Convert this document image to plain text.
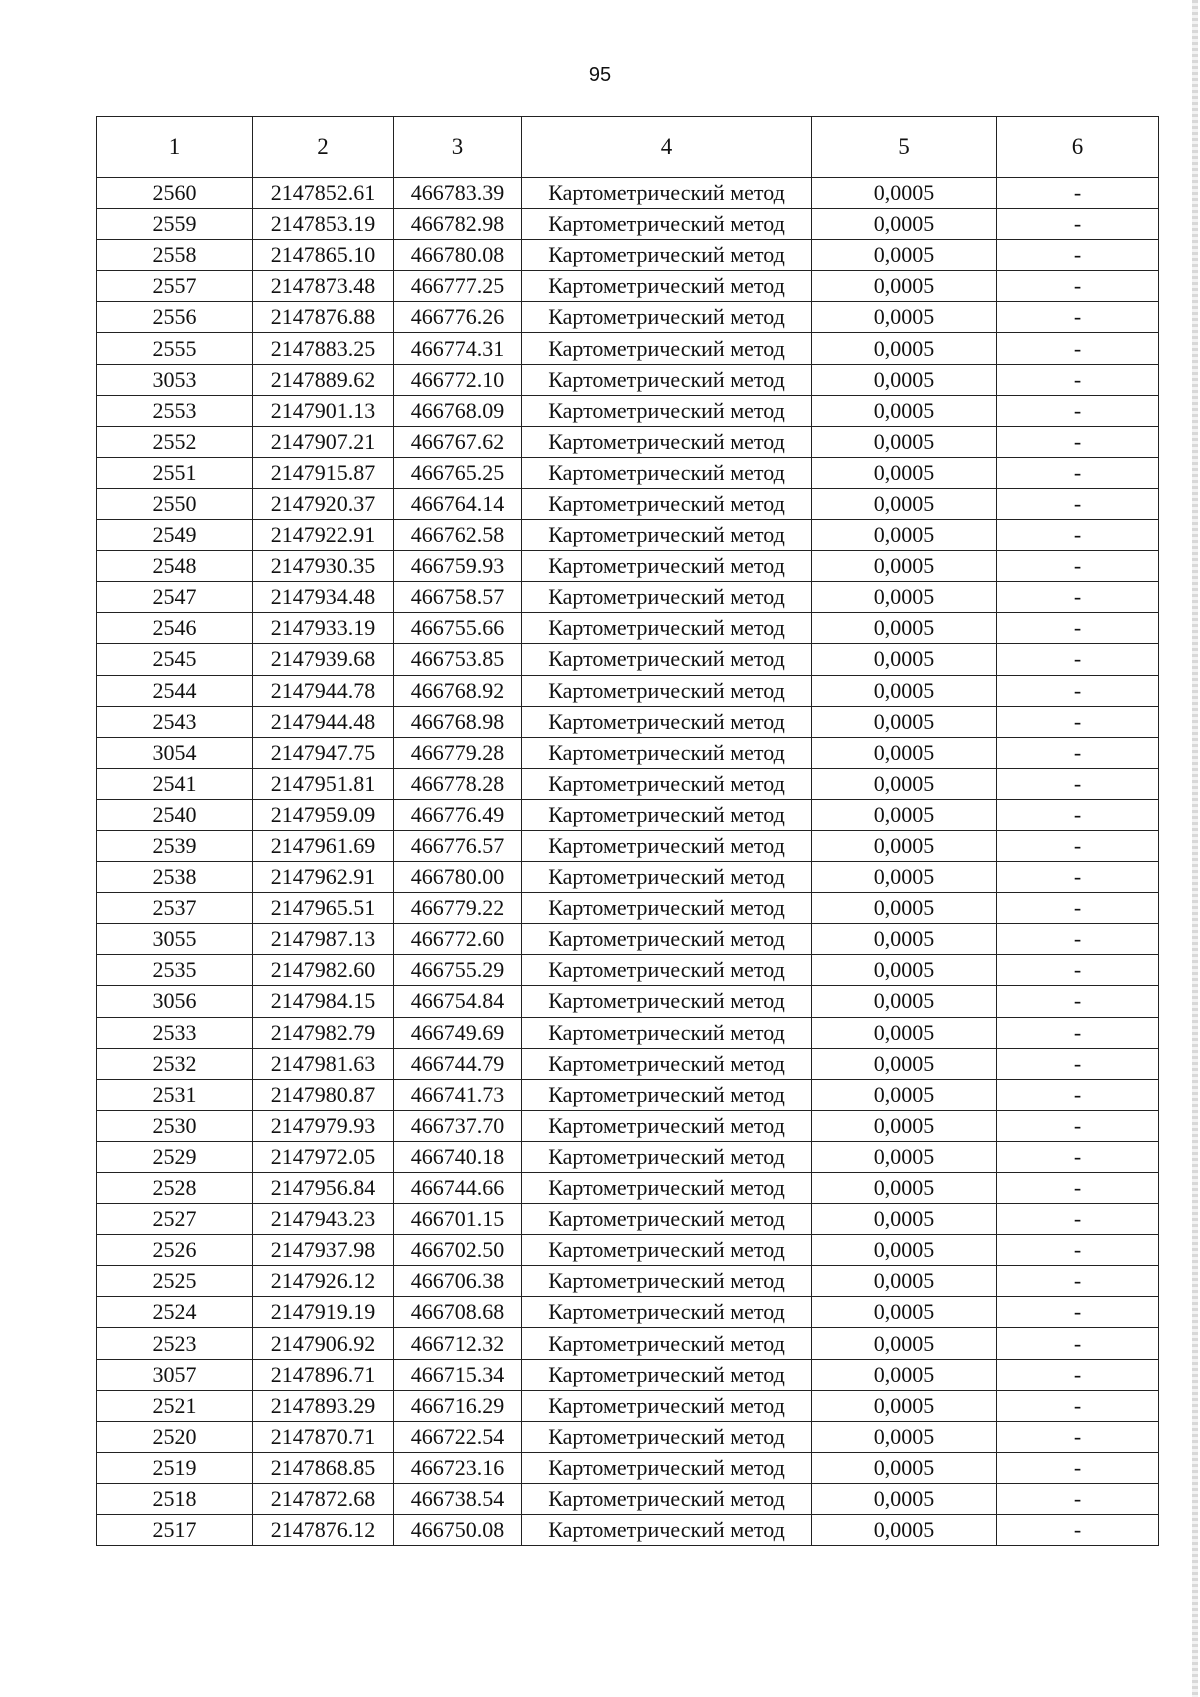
95
1	2	3	4	5	6
2560	2147852.61	466783.39	Картометрический метод	0,0005	-
2559	2147853.19	466782.98	Картометрический метод	0,0005	-
2558	2147865.10	466780.08	Картометрический метод	0,0005	-
2557	2147873.48	466777.25	Картометрический метод	0,0005	-
2556	2147876.88	466776.26	Картометрический метод	0,0005	-
2555	2147883.25	466774.31	Картометрический метод	0,0005	-
3053	2147889.62	466772.10	Картометрический метод	0,0005	-
2553	2147901.13	466768.09	Картометрический метод	0,0005	-
2552	2147907.21	466767.62	Картометрический метод	0,0005	-
2551	2147915.87	466765.25	Картометрический метод	0,0005	-
2550	2147920.37	466764.14	Картометрический метод	0,0005	-
2549	2147922.91	466762.58	Картометрический метод	0,0005	-
2548	2147930.35	466759.93	Картометрический метод	0,0005	-
2547	2147934.48	466758.57	Картометрический метод	0,0005	-
2546	2147933.19	466755.66	Картометрический метод	0,0005	-
2545	2147939.68	466753.85	Картометрический метод	0,0005	-
2544	2147944.78	466768.92	Картометрический метод	0,0005	-
2543	2147944.48	466768.98	Картометрический метод	0,0005	-
3054	2147947.75	466779.28	Картометрический метод	0,0005	-
2541	2147951.81	466778.28	Картометрический метод	0,0005	-
2540	2147959.09	466776.49	Картометрический метод	0,0005	-
2539	2147961.69	466776.57	Картометрический метод	0,0005	-
2538	2147962.91	466780.00	Картометрический метод	0,0005	-
2537	2147965.51	466779.22	Картометрический метод	0,0005	-
3055	2147987.13	466772.60	Картометрический метод	0,0005	-
2535	2147982.60	466755.29	Картометрический метод	0,0005	-
3056	2147984.15	466754.84	Картометрический метод	0,0005	-
2533	2147982.79	466749.69	Картометрический метод	0,0005	-
2532	2147981.63	466744.79	Картометрический метод	0,0005	-
2531	2147980.87	466741.73	Картометрический метод	0,0005	-
2530	2147979.93	466737.70	Картометрический метод	0,0005	-
2529	2147972.05	466740.18	Картометрический метод	0,0005	-
2528	2147956.84	466744.66	Картометрический метод	0,0005	-
2527	2147943.23	466701.15	Картометрический метод	0,0005	-
2526	2147937.98	466702.50	Картометрический метод	0,0005	-
2525	2147926.12	466706.38	Картометрический метод	0,0005	-
2524	2147919.19	466708.68	Картометрический метод	0,0005	-
2523	2147906.92	466712.32	Картометрический метод	0,0005	-
3057	2147896.71	466715.34	Картометрический метод	0,0005	-
2521	2147893.29	466716.29	Картометрический метод	0,0005	-
2520	2147870.71	466722.54	Картометрический метод	0,0005	-
2519	2147868.85	466723.16	Картометрический метод	0,0005	-
2518	2147872.68	466738.54	Картометрический метод	0,0005	-
2517	2147876.12	466750.08	Картометрический метод	0,0005	-
